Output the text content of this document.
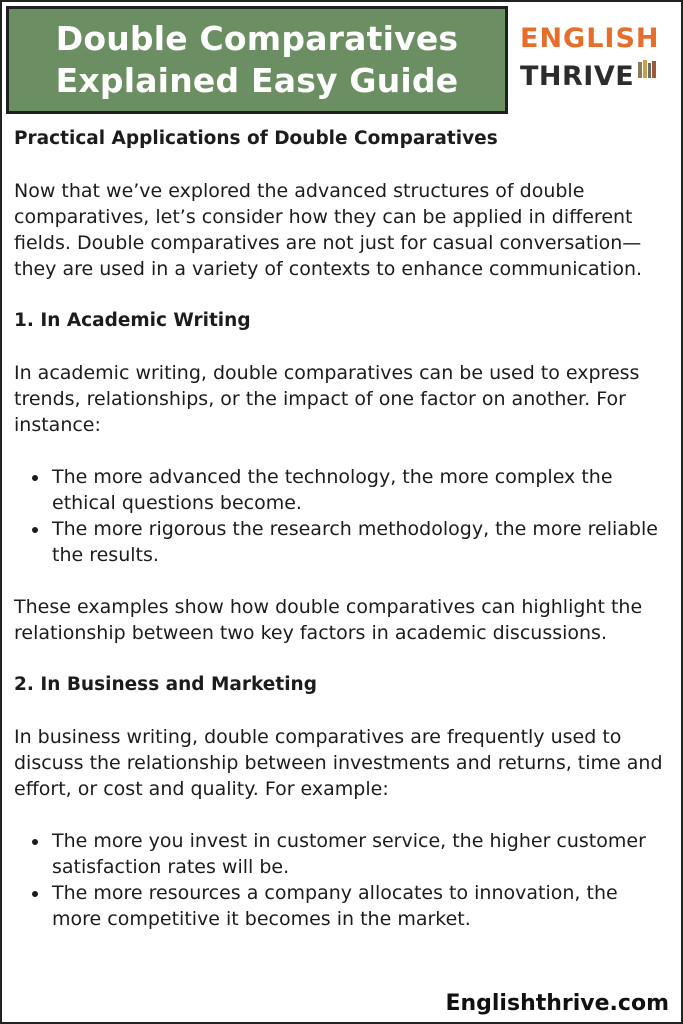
Double Comparatives
Explained Easy Guide
ENGLISH
THRIVE

Practical Applications of Double Comparatives

Now that we’ve explored the advanced structures of double comparatives, let’s consider how they can be applied in different fields. Double comparatives are not just for casual conversation—they are used in a variety of contexts to enhance communication.

1. In Academic Writing

In academic writing, double comparatives can be used to express trends, relationships, or the impact of one factor on another. For instance:

• The more advanced the technology, the more complex the ethical questions become.
• The more rigorous the research methodology, the more reliable the results.

These examples show how double comparatives can highlight the relationship between two key factors in academic discussions.

2. In Business and Marketing

In business writing, double comparatives are frequently used to discuss the relationship between investments and returns, time and effort, or cost and quality. For example:

• The more you invest in customer service, the higher customer satisfaction rates will be.
• The more resources a company allocates to innovation, the more competitive it becomes in the market.
Englishthrive.com
